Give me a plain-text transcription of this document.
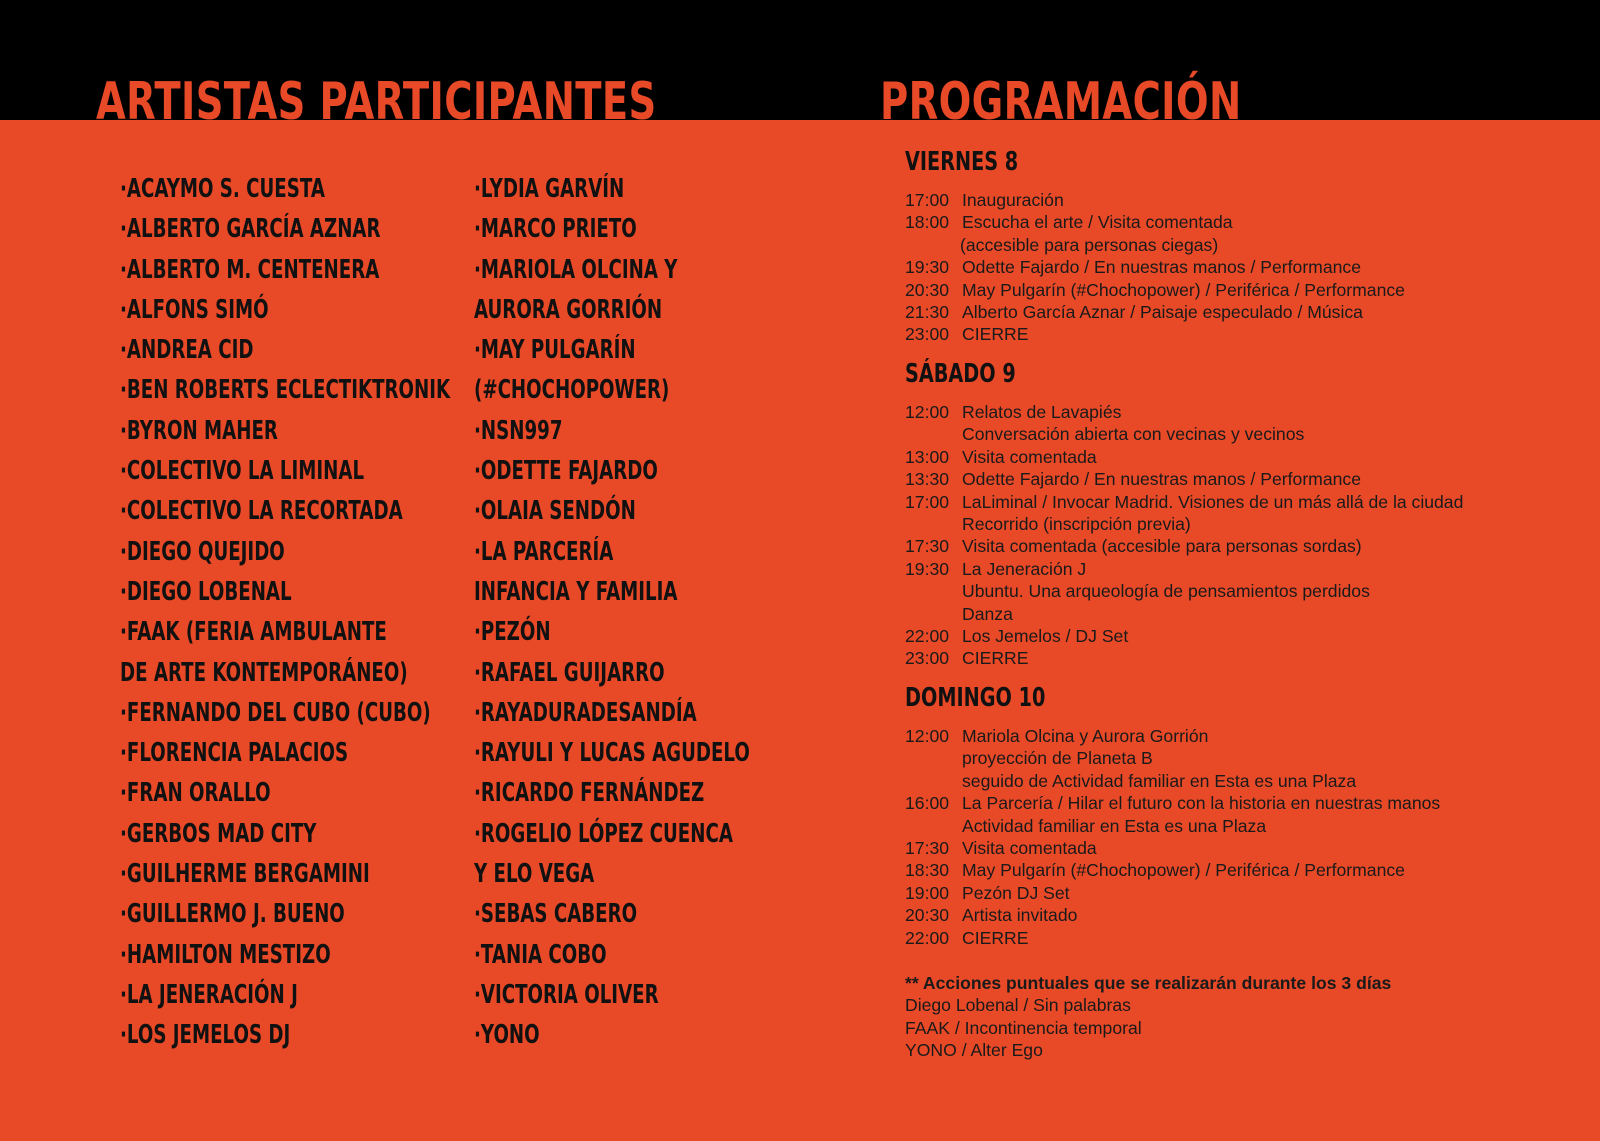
ARTISTAS PARTICIPANTES	PROGRAMACIÓN
·ACAYMO S. CUESTA
·ALBERTO GARCÍA AZNAR
·ALBERTO M. CENTENERA
·ALFONS SIMÓ
·ANDREA CID
·BEN ROBERTS ECLECTIKTRONIK
·BYRON MAHER
·COLECTIVO LA LIMINAL
·COLECTIVO LA RECORTADA
·DIEGO QUEJIDO
·DIEGO LOBENAL
·FAAK (FERIA AMBULANTE
DE ARTE KONTEMPORÁNEO)
·FERNANDO DEL CUBO (CUBO)
·FLORENCIA PALACIOS
·FRAN ORALLO
·GERBOS MAD CITY
·GUILHERME BERGAMINI
·GUILLERMO J. BUENO
·HAMILTON MESTIZO
·LA JENERACIÓN J
·LOS JEMELOS DJ
·LYDIA GARVÍN
·MARCO PRIETO
·MARIOLA OLCINA Y
AURORA GORRIÓN
·MAY PULGARÍN
(#CHOCHOPOWER)
·NSN997
·ODETTE FAJARDO
·OLAIA SENDÓN
·LA PARCERÍA
INFANCIA Y FAMILIA
·PEZÓN
·RAFAEL GUIJARRO
·RAYADURADESANDÍA
·RAYULI Y LUCAS AGUDELO
·RICARDO FERNÁNDEZ
·ROGELIO LÓPEZ CUENCA
Y ELO VEGA
·SEBAS CABERO
·TANIA COBO
·VICTORIA OLIVER
·YONO
VIERNES 8
17:00 Inauguración
18:00 Escucha el arte / Visita comentada
(accesible para personas ciegas)
19:30 Odette Fajardo / En nuestras manos / Performance
20:30 May Pulgarín (#Chochopower) / Periférica / Performance
21:30 Alberto García Aznar / Paisaje especulado / Música
23:00 CIERRE
SÁBADO 9
12:00 Relatos de Lavapiés
Conversación abierta con vecinas y vecinos
13:00 Visita comentada
13:30 Odette Fajardo / En nuestras manos / Performance
17:00 LaLiminal / Invocar Madrid. Visiones de un más allá de la ciudad
Recorrido (inscripción previa)
17:30 Visita comentada (accesible para personas sordas)
19:30 La Jeneración J
Ubuntu. Una arqueología de pensamientos perdidos
Danza
22:00 Los Jemelos / DJ Set
23:00 CIERRE
DOMINGO 10
12:00 Mariola Olcina y Aurora Gorrión
proyección de Planeta B
seguido de Actividad familiar en Esta es una Plaza
16:00 La Parcería / Hilar el futuro con la historia en nuestras manos
Actividad familiar en Esta es una Plaza
17:30 Visita comentada
18:30 May Pulgarín (#Chochopower) / Periférica / Performance
19:00 Pezón DJ Set
20:30 Artista invitado
22:00 CIERRE
** Acciones puntuales que se realizarán durante los 3 días
Diego Lobenal / Sin palabras
FAAK / Incontinencia temporal
YONO / Alter Ego
